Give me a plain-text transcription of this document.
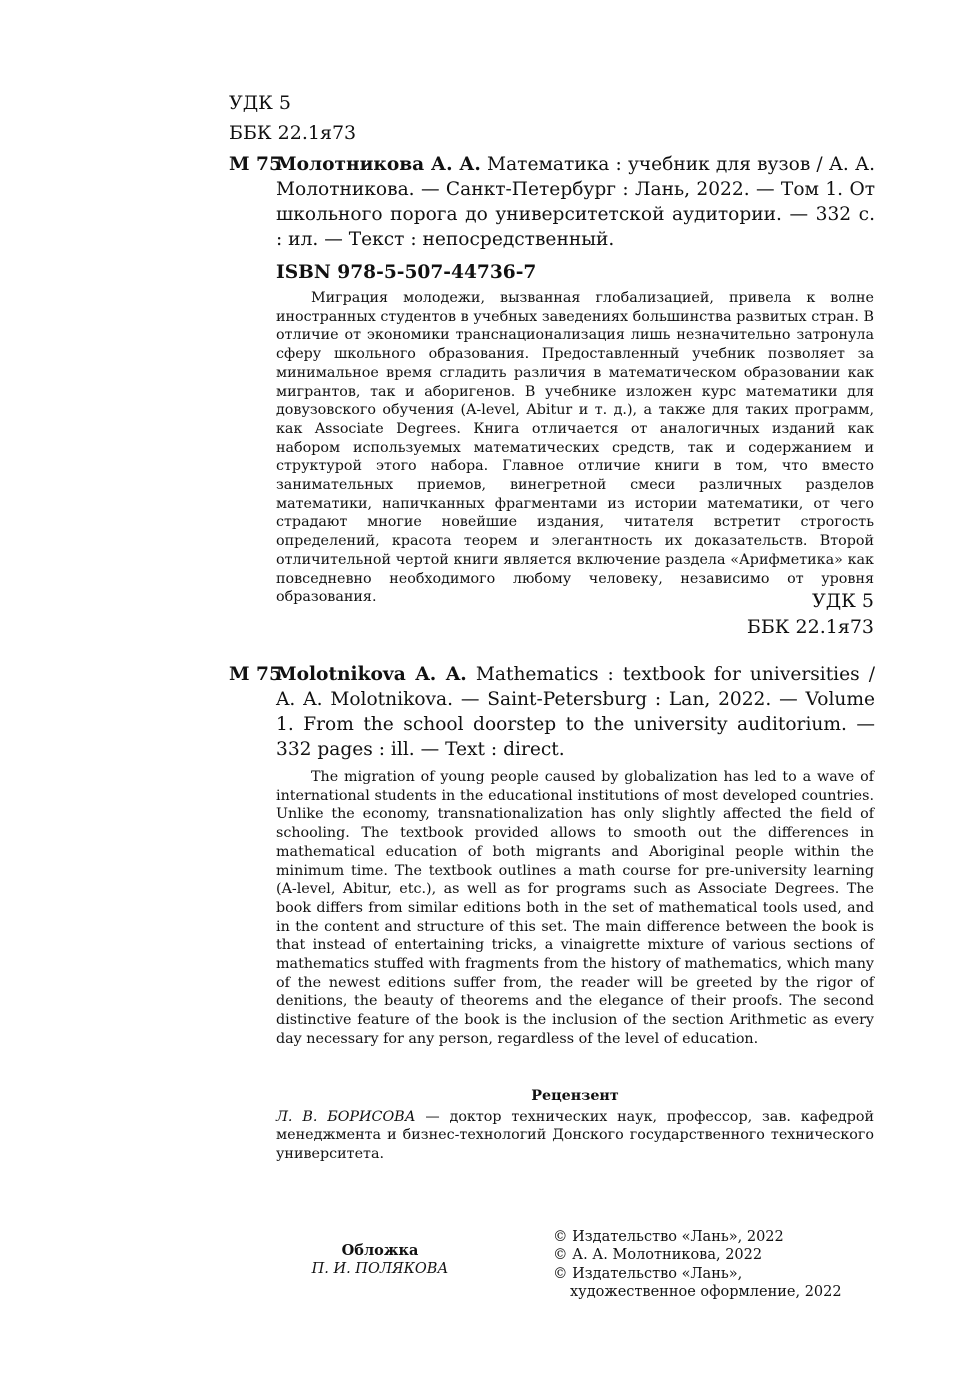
УДК 5
ББК 22.1я73
М 75
Молотникова А. А. Математика : учебник для вузов / А. А. Молотникова. — Санкт-Петербург : Лань, 2022. — Том 1. От школьного порога до университетской аудитории. — 332 с. : ил. — Текст : непосредственный.
ISBN 978-5-507-44736-7
Миграция молодежи, вызванная глобализацией, привела к волне иностранных студентов в учебных заведениях большинства развитых стран. В отличие от экономики транснационализация лишь незначительно затронула сферу школьного образования. Предоставленный учебник позволяет за минимальное время сгладить различия в математическом образовании как мигрантов, так и аборигенов. В учебнике изложен курс математики для довузовского обучения (A-level, Abitur и т. д.), а также для таких программ, как Associate Degrees. Книга отличается от аналогичных изданий как набором используемых математических средств, так и содержанием и структурой этого набора. Главное отличие книги в том, что вместо занимательных приемов, винегретной смеси различных разделов математики, напичканных фрагментами из истории математики, от чего страдают многие новейшие издания, читателя встретит строгость определений, красота теорем и элегантность их доказательств. Второй отличительной чертой книги является включение раздела «Арифметика» как повседневно необходимого любому человеку, независимо от уровня образования.	УДК 5
ББК 22.1я73
M 75
Molotnikova A. A. Mathematics : textbook for universities / A. A. Molotnikova. — Saint-Petersburg : Lan, 2022. — Volume 1. From the school doorstep to the university auditorium. — 332 pages : ill. — Text : direct.
The migration of young people caused by globalization has led to a wave of international students in the educational institutions of most developed countries. Unlike the economy, transnationalization has only slightly affected the field of schooling. The textbook provided allows to smooth out the differences in mathematical education of both migrants and Aboriginal people within the minimum time. The textbook outlines a math course for pre-university learning (A-level, Abitur, etc.), as well as for programs such as Associate Degrees. The book differs from similar editions both in the set of mathematical tools used, and in the content and structure of this set. The main difference between the book is that instead of entertaining tricks, a vinaigrette mixture of various sections of mathematics stuffed with fragments from the history of mathematics, which many of the newest editions suffer from, the reader will be greeted by the rigor of denitions, the beauty of theorems and the elegance of their proofs. The second distinctive feature of the book is the inclusion of the section Arithmetic as every day necessary for any person, regardless of the level of education.
Рецензент
Л. В. БОРИСОВА — доктор технических наук, профессор, зав. кафедрой менеджмента и бизнес-технологий Донского государственного технического университета.
Обложка
П. И. ПОЛЯКОВА
© Издательство «Лань», 2022
© А. А. Молотникова, 2022
© Издательство «Лань»,
художественное оформление, 2022
